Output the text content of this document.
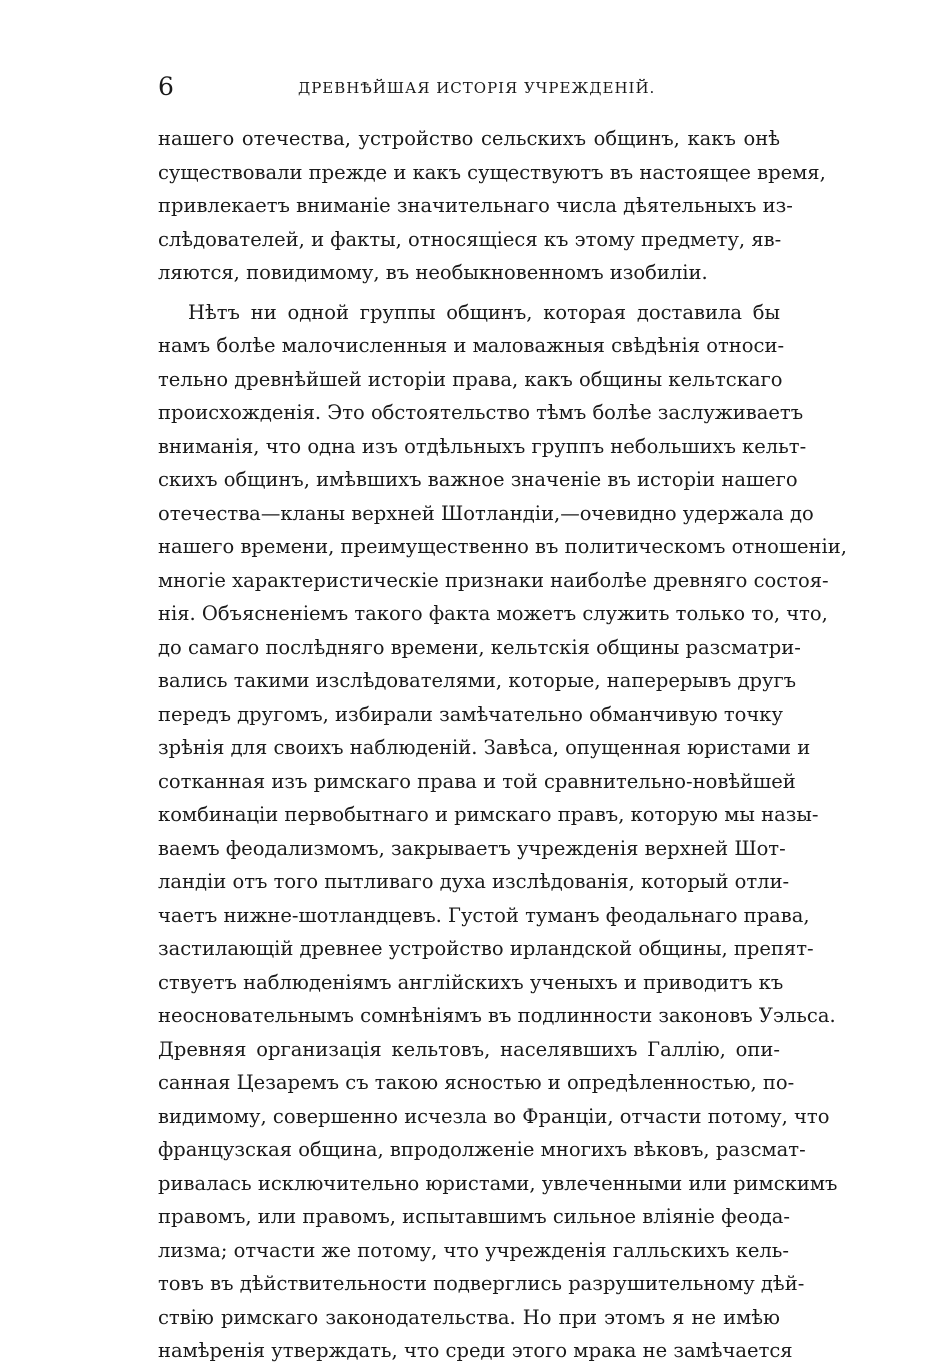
6	ДРЕВНѢЙШАЯ ИСТОРІЯ УЧРЕЖДЕНІЙ.
нашего отечества, устройство сельскихъ общинъ, какъ онѣ
существовали прежде и какъ существуютъ въ настоящее время,
привлекаетъ вниманіе значительнаго числа дѣятельныхъ из-
слѣдователей, и факты, относящіеся къ этому предмету, яв-
ляются, повидимому, въ необыкновенномъ изобиліи.
Нѣтъ ни одной группы общинъ, которая доставила бы
намъ болѣе малочисленныя и маловажныя свѣдѣнія относи-
тельно древнѣйшей исторіи права, какъ общины кельтскаго
происхожденія. Это обстоятельство тѣмъ болѣе заслуживаетъ
вниманія, что одна изъ отдѣльныхъ группъ небольшихъ кельт-
скихъ общинъ, имѣвшихъ важное значеніе въ исторіи нашего
отечества—кланы верхней Шотландіи,—очевидно удержала до
нашего времени, преимущественно въ политическомъ отношеніи,
многіе характеристическіе признаки наиболѣе древняго состоя-
нія. Объясненіемъ такого факта можетъ служить только то, что,
до самаго послѣдняго времени, кельтскія общины разсматри-
вались такими изслѣдователями, которые, наперерывъ другъ
передъ другомъ, избирали замѣчательно обманчивую точку
зрѣнія для своихъ наблюденій. Завѣса, опущенная юристами и
сотканная изъ римскаго права и той сравнительно-новѣйшей
комбинаціи первобытнаго и римскаго правъ, которую мы назы-
ваемъ феодализмомъ, закрываетъ учрежденія верхней Шот-
ландіи отъ того пытливаго духа изслѣдованія, который отли-
чаетъ нижне-шотландцевъ. Густой туманъ феодальнаго права,
застилающій древнее устройство ирландской общины, препят-
ствуетъ наблюденіямъ англійскихъ ученыхъ и приводитъ къ
неосновательнымъ сомнѣніямъ въ подлинности законовъ Уэльса.
Древняя организація кельтовъ, населявшихъ Галлію, опи-
санная Цезаремъ съ такою ясностью и опредѣленностью, по-
видимому, совершенно исчезла во Франціи, отчасти потому, что
французская община, впродолженіе многихъ вѣковъ, разсмат-
ривалась исключительно юристами, увлеченными или римскимъ
правомъ, или правомъ, испытавшимъ сильное вліяніе феода-
лизма; отчасти же потому, что учрежденія галльскихъ кель-
товъ въ дѣйствительности подверглись разрушительному дѣй-
ствію римскаго законодательства. Но при этомъ я не имѣю
намѣренія утверждать, что среди этого мрака не замѣчается
